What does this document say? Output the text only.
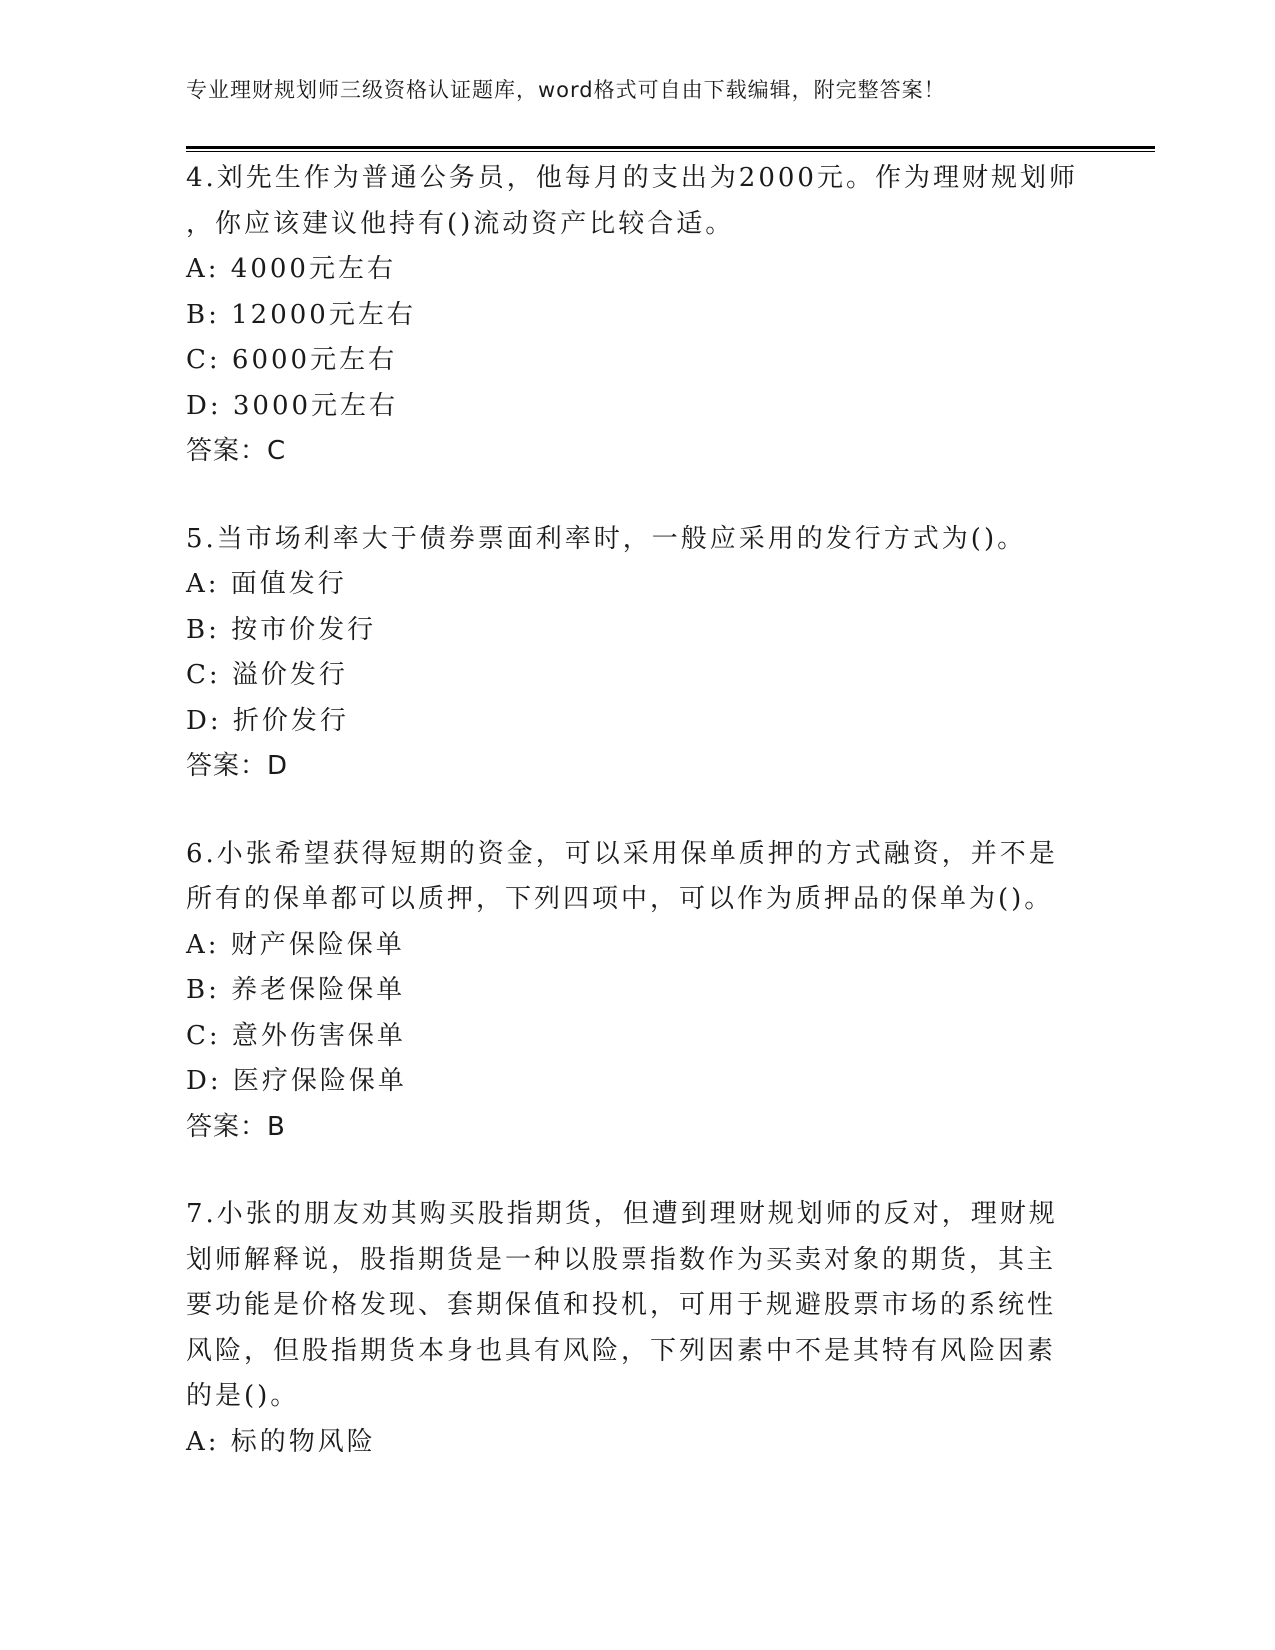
专业理财规划师三级资格认证题库，word格式可自由下载编辑，附完整答案！
4.刘先生作为普通公务员，他每月的支出为2000元。作为理财规划师
，你应该建议他持有()流动资产比较合适。
A: 4000元左右
B: 12000元左右
C: 6000元左右
D: 3000元左右
答案：C
5.当市场利率大于债券票面利率时，一般应采用的发行方式为()。
A: 面值发行
B: 按市价发行
C: 溢价发行
D: 折价发行
答案：D
6.小张希望获得短期的资金，可以采用保单质押的方式融资，并不是
所有的保单都可以质押，下列四项中，可以作为质押品的保单为()。
A: 财产保险保单
B: 养老保险保单
C: 意外伤害保单
D: 医疗保险保单
答案：B
7.小张的朋友劝其购买股指期货，但遭到理财规划师的反对，理财规
划师解释说，股指期货是一种以股票指数作为买卖对象的期货，其主
要功能是价格发现、套期保值和投机，可用于规避股票市场的系统性
风险，但股指期货本身也具有风险，下列因素中不是其特有风险因素
的是()。
A: 标的物风险
